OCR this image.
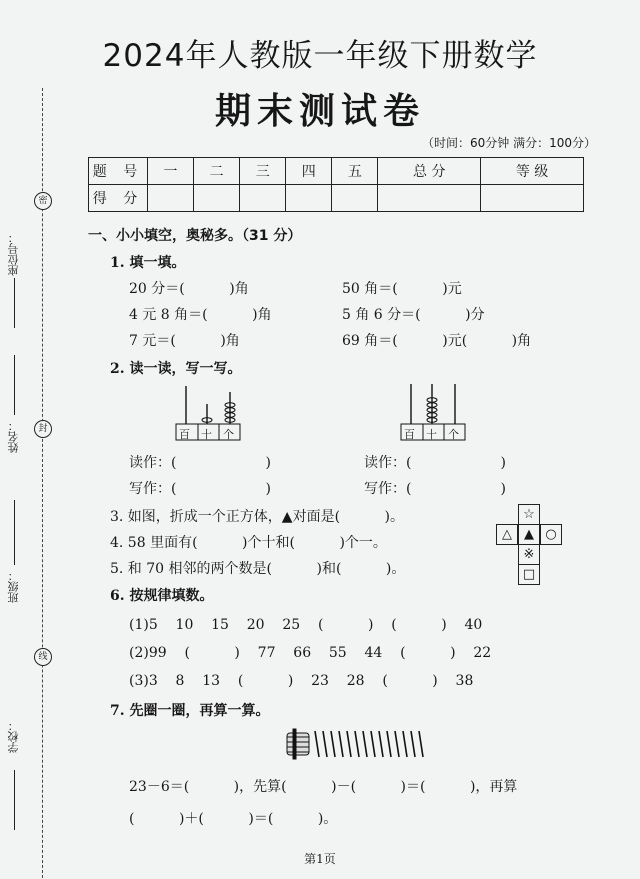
2024年人教版一年级下册数学
期末测试卷
（时间：60分钟 满分：100分）
题 号	一	二	三	四	五	总 分	等 级
得 分							
密
封
线
座位号：
姓名：
班级：
学校：
一、小小填空，奥秘多。（31 分）
1. 填一填。
20 分＝(          )角	50 角＝(          )元
4 元 8 角＝(          )角	5 角 6 分＝(          )分
7 元＝(          )角	69 角＝(          )元(          )角
2. 读一读，写一写。
百 十 个	百 十 个
读作：(                    )
写作：(                    )
读作：(                    )
写作：(                    )
3. 如图，折成一个正方体，▲对面是(          )。
4. 58 里面有(          )个十和(          )个一。
5. 和 70 相邻的两个数是(          )和(          )。
☆
△ ▲ ○
※
□
6. 按规律填数。
(1)5    10    15    20    25    (          )    (          )    40
(2)99    (          )    77    66    55    44    (          )    22
(3)3    8    13    (          )    23    28    (          )    38
7. 先圈一圈，再算一算。
23－6＝(          )，先算(          )－(          )＝(          )，再算
(          )＋(          )＝(          )。
第1页
